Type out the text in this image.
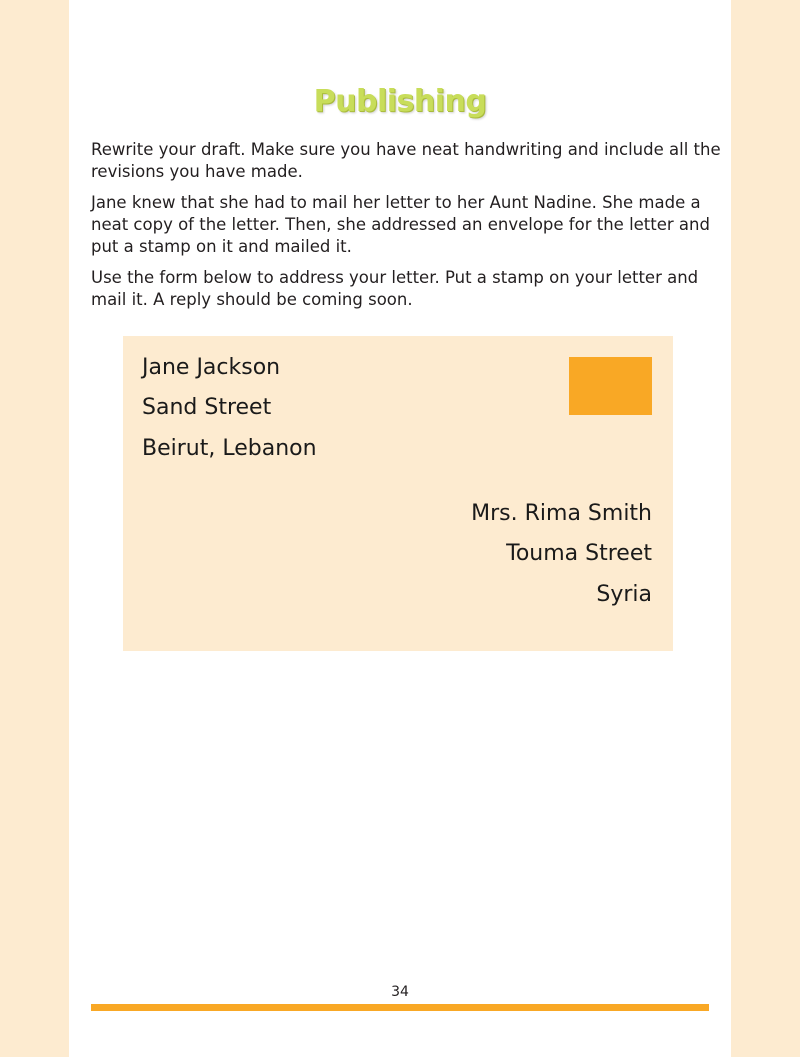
Publishing

Rewrite your draft. Make sure you have neat handwriting and include all the revisions you have made.

Jane knew that she had to mail her letter to her Aunt Nadine. She made a neat copy of the letter. Then, she addressed an envelope for the letter and put a stamp on it and mailed it.

Use the form below to address your letter. Put a stamp on your letter and mail it. A reply should be coming soon.

Jane Jackson
Sand Street
Beirut, Lebanon
Mrs. Rima Smith
Touma Street
Syria
34
